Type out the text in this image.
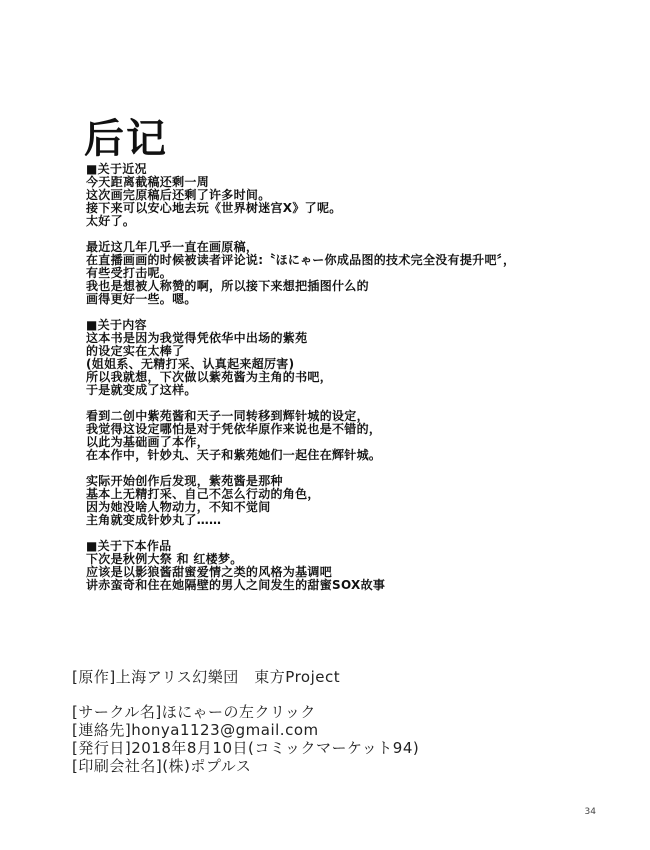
后记
■关于近况
今天距离截稿还剩一周
这次画完原稿后还剩了许多时间。
接下来可以安心地去玩《世界树迷宫X》了呢。
太好了。
最近这几年几乎一直在画原稿，
在直播画画的时候被读者评论说:〝ほにゃー你成品图的技术完全没有提升吧〞，
有些受打击呢。
我也是想被人称赞的啊，所以接下来想把插图什么的
画得更好一些。嗯。
■关于内容
这本书是因为我觉得凭依华中出场的紫苑
的设定实在太棒了
(姐姐系、无精打采、认真起来超厉害)
所以我就想，下次做以紫苑酱为主角的书吧，
于是就变成了这样。
看到二创中紫苑酱和天子一同转移到辉针城的设定，
我觉得这设定哪怕是对于凭依华原作来说也是不错的，
以此为基础画了本作，
在本作中，针妙丸、天子和紫苑她们一起住在辉针城。
实际开始创作后发现，紫苑酱是那种
基本上无精打采、自己不怎么行动的角色，
因为她没啥人物动力，不知不觉间
主角就变成针妙丸了……
■关于下本作品
下次是秋例大祭 和 红楼梦。
应该是以影狼酱甜蜜爱情之类的风格为基调吧
讲赤蛮奇和住在她隔壁的男人之间发生的甜蜜SOX故事
[原作]上海アリス幻樂団　東方Project
[サークル名]ほにゃーの左クリック
[連絡先]honya1123@gmail.com
[発行日]2018年8月10日(コミックマーケット94)
[印刷会社名](株)ポプルス
34
